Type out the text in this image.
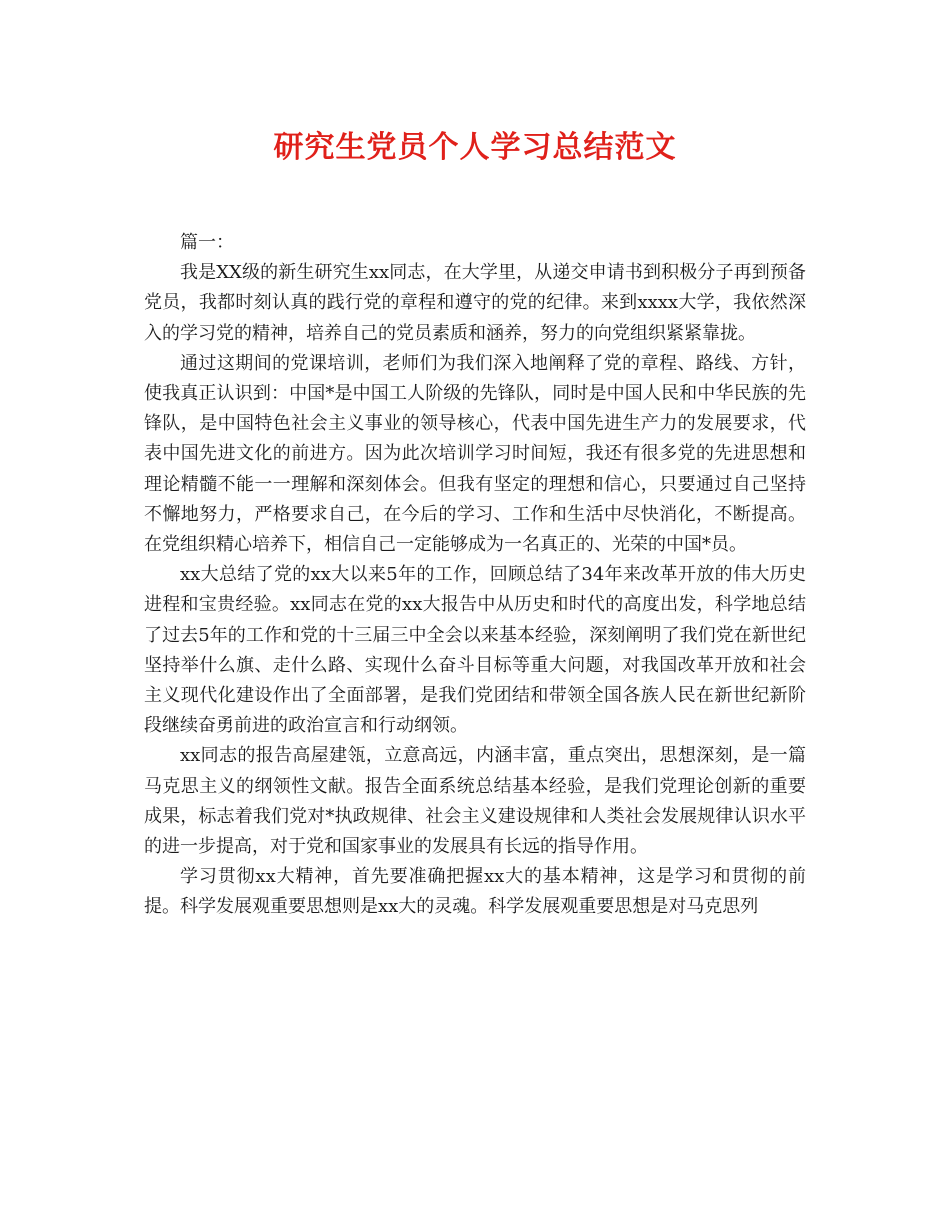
研究生党员个人学习总结范文

篇一：

我是XX级的新生研究生xx同志，在大学里，从递交申请书到积极分子再到预备党员，我都时刻认真的践行党的章程和遵守的党的纪律。来到xxxx大学，我依然深入的学习党的精神，培养自己的党员素质和涵养，努力的向党组织紧紧靠拢。

通过这期间的党课培训，老师们为我们深入地阐释了党的章程、路线、方针，使我真正认识到：中国*是中国工人阶级的先锋队，同时是中国人民和中华民族的先锋队，是中国特色社会主义事业的领导核心，代表中国先进生产力的发展要求，代表中国先进文化的前进方。因为此次培训学习时间短，我还有很多党的先进思想和理论精髓不能一一理解和深刻体会。但我有坚定的理想和信心，只要通过自己坚持不懈地努力，严格要求自己，在今后的学习、工作和生活中尽快消化，不断提高。在党组织精心培养下，相信自己一定能够成为一名真正的、光荣的中国*员。

xx大总结了党的xx大以来5年的工作，回顾总结了34年来改革开放的伟大历史进程和宝贵经验。xx同志在党的xx大报告中从历史和时代的高度出发，科学地总结了过去5年的工作和党的十三届三中全会以来基本经验，深刻阐明了我们党在新世纪坚持举什么旗、走什么路、实现什么奋斗目标等重大问题，对我国改革开放和社会主义现代化建设作出了全面部署，是我们党团结和带领全国各族人民在新世纪新阶段继续奋勇前进的政治宣言和行动纲领。

xx同志的报告高屋建瓴，立意高远，内涵丰富，重点突出，思想深刻，是一篇马克思主义的纲领性文献。报告全面系统总结基本经验，是我们党理论创新的重要成果，标志着我们党对*执政规律、社会主义建设规律和人类社会发展规律认识水平的进一步提高，对于党和国家事业的发展具有长远的指导作用。

学习贯彻xx大精神，首先要准确把握xx大的基本精神，这是学习和贯彻的前提。科学发展观重要思想则是xx大的灵魂。科学发展观重要思想是对马克思列
